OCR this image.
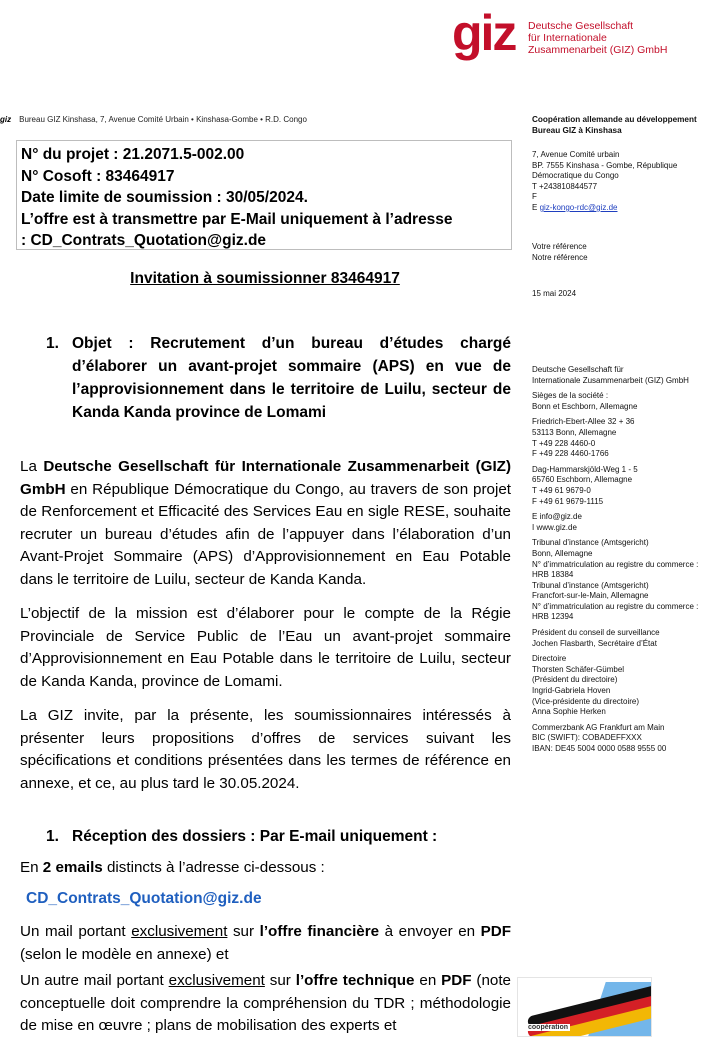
giz Deutsche Gesellschaft
für Internationale
Zusammenarbeit (GIZ) GmbH
giz Bureau GIZ Kinshasa, 7, Avenue Comité Urbain • Kinshasa-Gombe • R.D. Congo
N° du projet : 21.2071.5-002.00
N° Cosoft : 83464917
Date limite de soumission : 30/05/2024.
L’offre est à transmettre par E-Mail uniquement à l’adresse
: CD_Contrats_Quotation@giz.de
Invitation à soumissionner 83464917
1. Objet : Recrutement d’un bureau d’études chargé d’élaborer un avant-projet sommaire (APS) en vue de l’approvisionnement dans le territoire de Luilu, secteur de Kanda Kanda province de Lomami
La Deutsche Gesellschaft für Internationale Zusammenarbeit (GIZ) GmbH en République Démocratique du Congo, au travers de son projet de Renforcement et Efficacité des Services Eau en sigle RESE, souhaite recruter un bureau d’études afin de l’appuyer dans l’élaboration d’un Avant-Projet Sommaire (APS) d’Approvisionnement en Eau Potable dans le territoire de Luilu, secteur de Kanda Kanda.
L’objectif de la mission est d’élaborer pour le compte de la Régie Provinciale de Service Public de l’Eau un avant-projet sommaire d’Approvisionnement en Eau Potable dans le territoire de Luilu, secteur de Kanda Kanda, province de Lomami.
La GIZ invite, par la présente, les soumissionnaires intéressés à présenter leurs propositions d’offres de services suivant les spécifications et conditions présentées dans les termes de référence en annexe, et ce, au plus tard le 30.05.2024.
1. Réception des dossiers : Par E-mail uniquement :
En 2 emails distincts à l’adresse ci-dessous :
CD_Contrats_Quotation@giz.de
Un mail portant exclusivement sur l’offre financière à envoyer en PDF (selon le modèle en annexe) et
Un autre mail portant exclusivement sur l’offre technique en PDF (note conceptuelle doit comprendre la compréhension du TDR ; méthodologie de mise en œuvre ; plans de mobilisation des experts et
Coopération allemande au développement
Bureau GIZ à Kinshasa
7, Avenue Comité urbain
BP. 7555 Kinshasa - Gombe, République
Démocratique du Congo
T +243810844577
F
E giz-kongo-rdc@giz.de
Votre référence
Notre référence
15 mai 2024
Deutsche Gesellschaft für
Internationale Zusammenarbeit (GIZ) GmbH
Sièges de la société :
Bonn et Eschborn, Allemagne
Friedrich-Ebert-Allee 32 + 36
53113 Bonn, Allemagne
T +49 228 4460-0
F +49 228 4460-1766
Dag-Hammarskjöld-Weg 1 - 5
65760 Eschborn, Allemagne
T +49 61 9679-0
F +49 61 9679-1115
E info@giz.de
I www.giz.de
Tribunal d’instance (Amtsgericht)
Bonn, Allemagne
N° d’immatriculation au registre du commerce :
HRB 18384
Tribunal d’instance (Amtsgericht)
Francfort-sur-le-Main, Allemagne
N° d’immatriculation au registre du commerce :
HRB 12394
Président du conseil de surveillance
Jochen Flasbarth, Secrétaire d’État
Directoire
Thorsten Schäfer-Gümbel
(Président du directoire)
Ingrid-Gabriela Hoven
(Vice-présidente du directoire)
Anna Sophie Herken
Commerzbank AG Frankfurt am Main
BIC (SWIFT): COBADEFFXXX
IBAN: DE45 5004 0000 0588 9555 00
coopération
